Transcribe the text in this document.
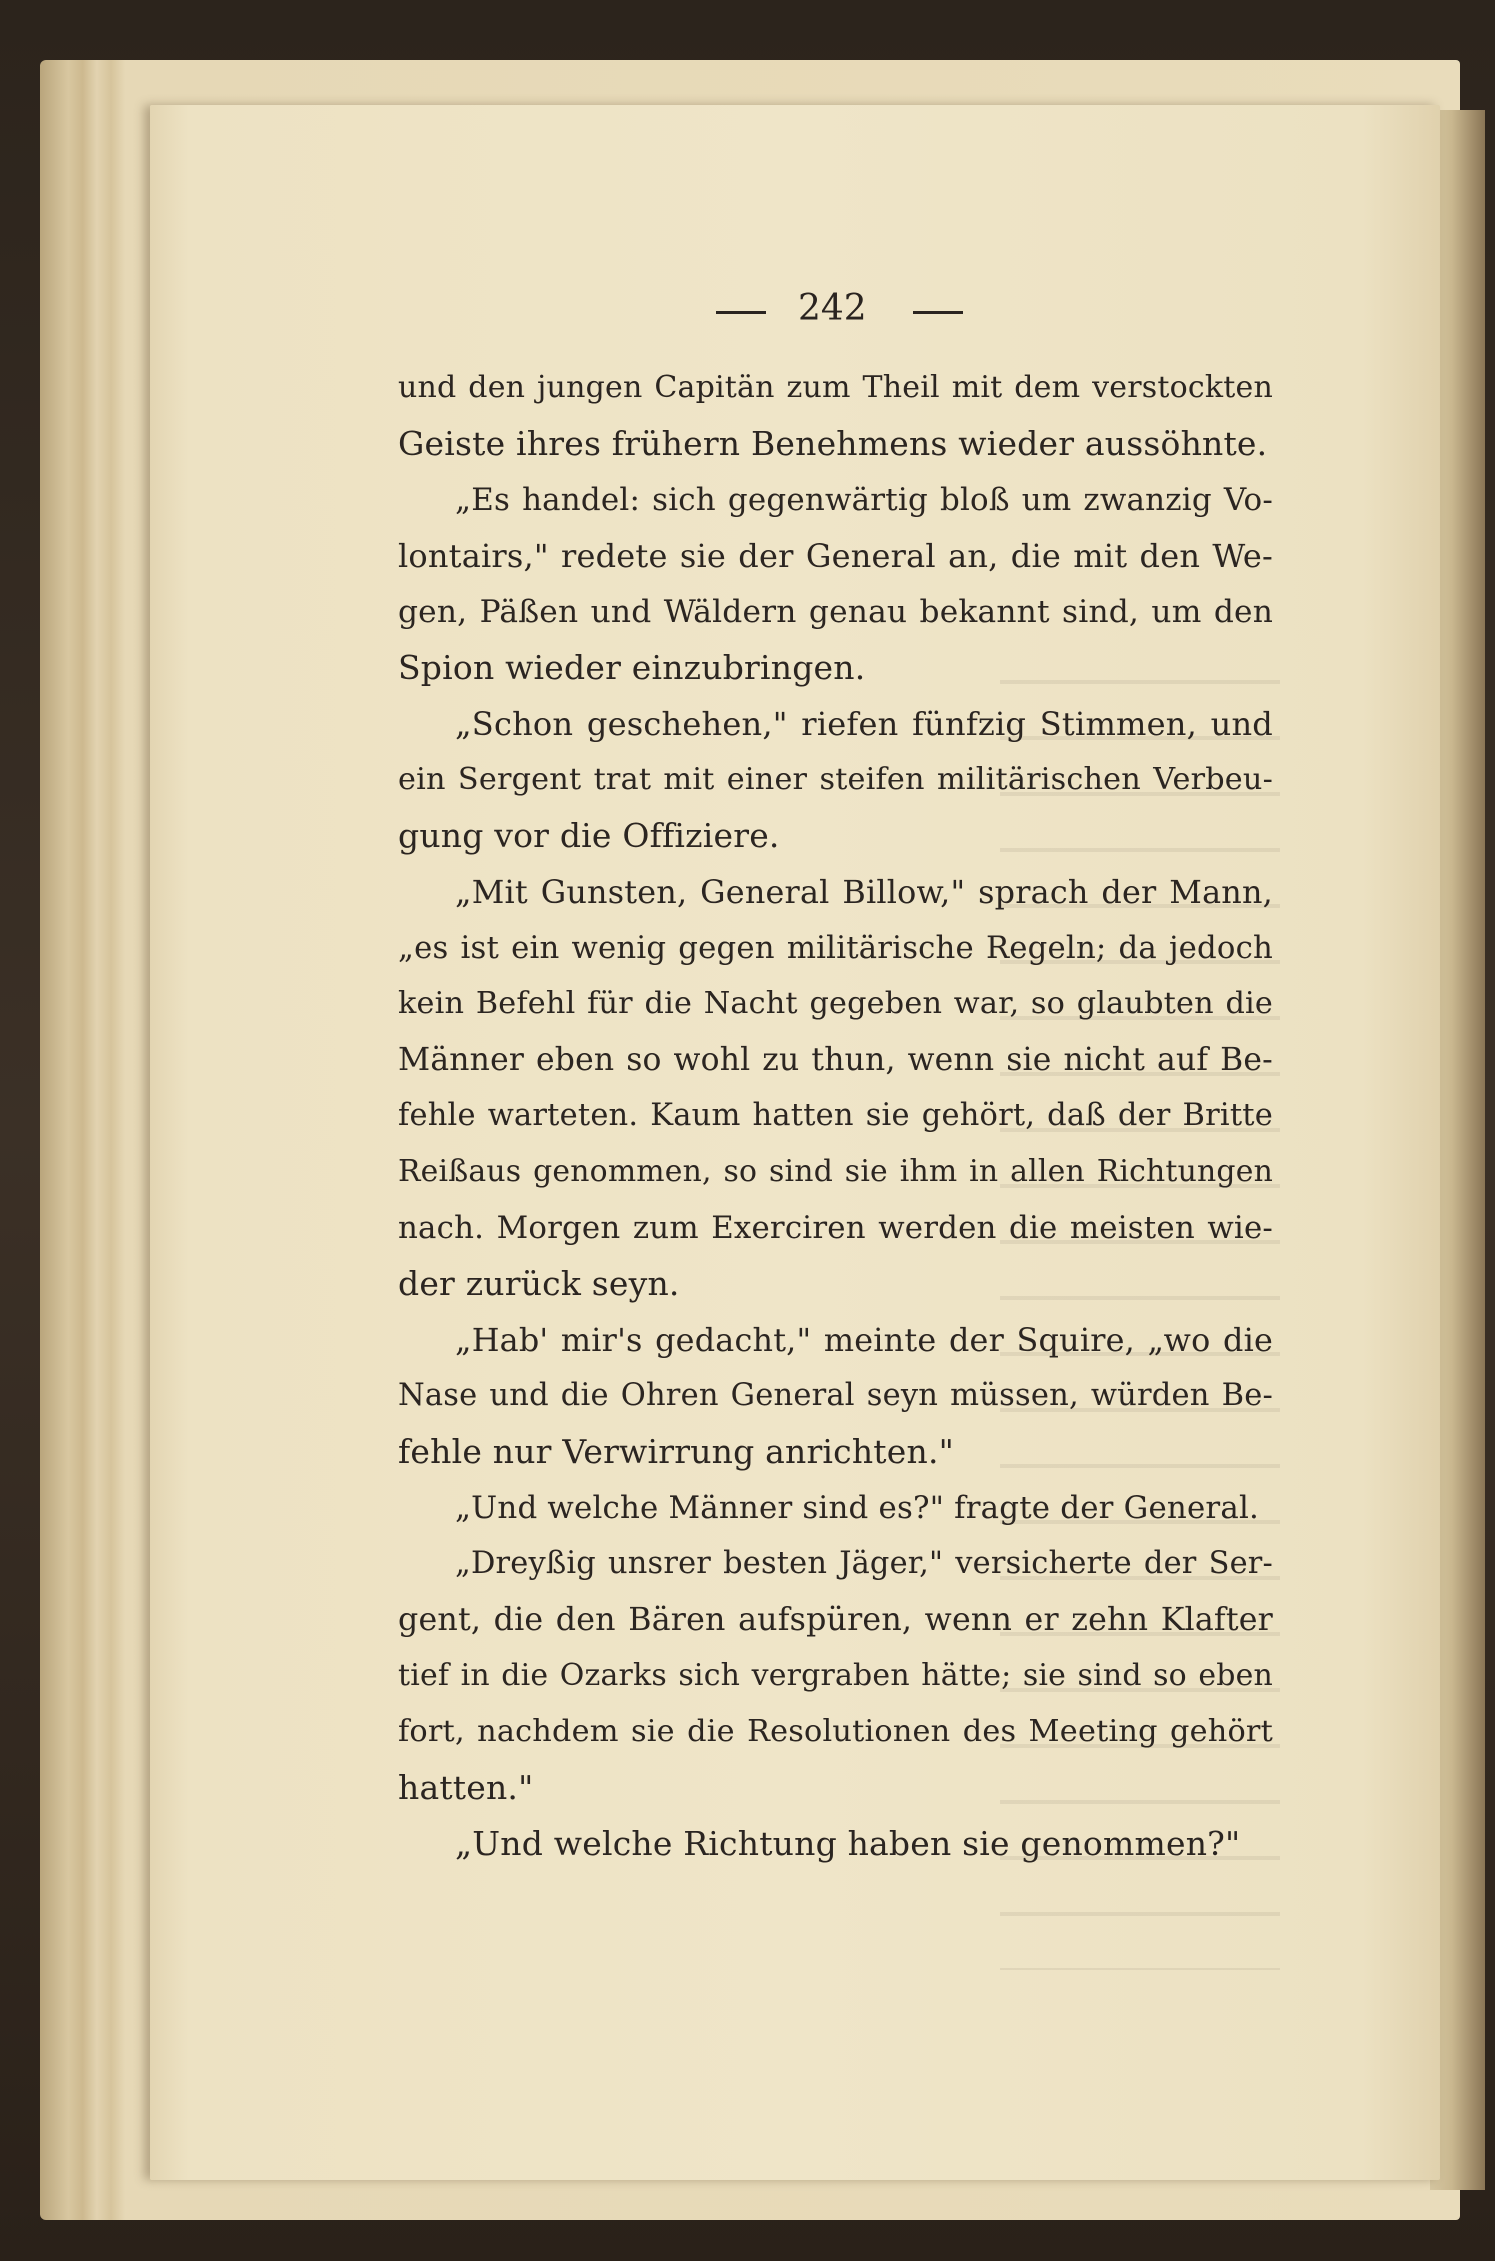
242
und den jungen Capitän zum Theil mit dem verstockten
Geiste ihres frühern Benehmens wieder aussöhnte.
„Es handel: sich gegenwärtig bloß um zwanzig Vo-
lontairs," redete sie der General an, die mit den We-
gen, Päßen und Wäldern genau bekannt sind, um den
Spion wieder einzubringen.
„Schon geschehen," riefen fünfzig Stimmen, und
ein Sergent trat mit einer steifen militärischen Verbeu-
gung vor die Offiziere.
„Mit Gunsten, General Billow," sprach der Mann,
„es ist ein wenig gegen militärische Regeln; da jedoch
kein Befehl für die Nacht gegeben war, so glaubten die
Männer eben so wohl zu thun, wenn sie nicht auf Be-
fehle warteten. Kaum hatten sie gehört, daß der Britte
Reißaus genommen, so sind sie ihm in allen Richtungen
nach. Morgen zum Exerciren werden die meisten wie-
der zurück seyn.
„Hab' mir's gedacht," meinte der Squire, „wo die
Nase und die Ohren General seyn müssen, würden Be-
fehle nur Verwirrung anrichten."
„Und welche Männer sind es?" fragte der General.
„Dreyßig unsrer besten Jäger," versicherte der Ser-
gent, die den Bären aufspüren, wenn er zehn Klafter
tief in die Ozarks sich vergraben hätte; sie sind so eben
fort, nachdem sie die Resolutionen des Meeting gehört
hatten."
„Und welche Richtung haben sie genommen?"
